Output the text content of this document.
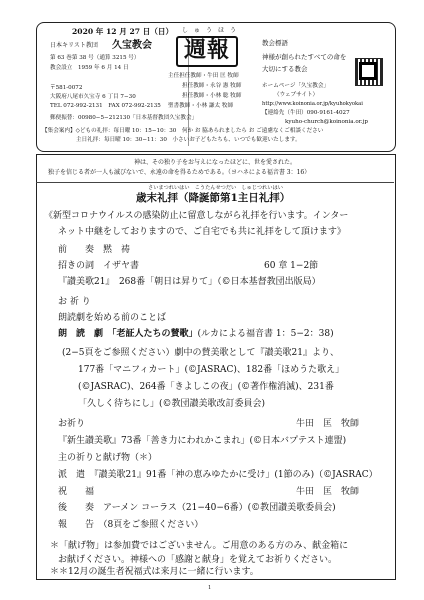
2020 年 12 月 27 日（日）
日本キリスト教団 久宝教会
第 63 巻第 38 号（通算 3215 号）
教会設立　1959 年 6 月 14 日
〒581-0072
大阪府八尾市久宝寺 6 丁目 7−30
TEL 072-992-2131　FAX 072-992-2135
しゅうほう
週報
主任担任教師・牛田 匡 牧師
担任教師・永谷 憲 牧師
担任教師・小林 聡 牧師
聖書教師・小林 謙太 牧師
郵便振替：00980−5−212130「日本基督教団久宝教会」
教会標語
神様が創られたすべての命を
大切にする教会
ホームページ「久宝教会」
（ウェブサイト）
http://www.koinonia.or.jp/kyuhokyokai
【連絡先（牛田）090-9161-4027
kyuho-church@koinonia.or.jp
【集会案内】◇どもの礼拝：毎日曜 10：15−10：30　何か お 脇あられましたら お ご遠慮なくご相談ください
主日礼拝：毎日曜 10：30−11：30　小さいお子どもたちも、いつでも歓迎いたします。
神は、その独り子をお与えになったほどに、世を愛された。
独子を信じる者が一人も滅びないで、永遠の命を得るためである。（ヨハネによる福音書 3：16）
さいまつれいはい　こうたんせつだい　しゅじつれいはい
歳末礼拝（降誕節第1主日礼拝）
《新型コロナウイルスの感染防止に留意しながら礼拝を行います。インター
ネット中継をしておりますので、ご自宅でも共に礼拝をして頂けます》
前　　奏　黙　祷
招きの詞　イザヤ書	60 章 1−2節
『讃美歌21』　268番「朝日は昇りて」（©日本基督教団出版局）
お 祈 り
朗読劇を始める前のことば
朗　読　劇　 「老証人たちの賛歌」(ルカによる福音書 1：5−2：38)
(2−5頁をご参照ください）劇中の賛美歌として『讃美歌21』より、
177番「マニフィカート」(©JASRAC)、182番「ほめうた歌え」
(©JASRAC)、264番「きよしこの夜」(©著作権消滅)、231番
「久しく待ちにし」(©教団讃美歌改訂委員会)
お祈り	牛田　匡　牧師
『新生讃美歌』73番「善き力にわれかこまれ」(©日本バプテスト連盟)
主の祈りと献げ物（＊）
派　遣　『讃美歌21』91番「神の恵みゆたかに受け」(1節のみ)（©JASRAC）
祝　　福	牛田　匡　牧師
後　　奏　アーメン コーラス（21−40−6番）(©教団讃美歌委員会)
報　　告　（8頁をご参照ください）
＊「献げ物」は参加費ではございません。ご用意のある方のみ、献金箱に
お献げください。神様への「感謝と献身」を覚えてお祈りください。
＊＊12月の誕生者祝福式は来月に一緒に行います。
1
